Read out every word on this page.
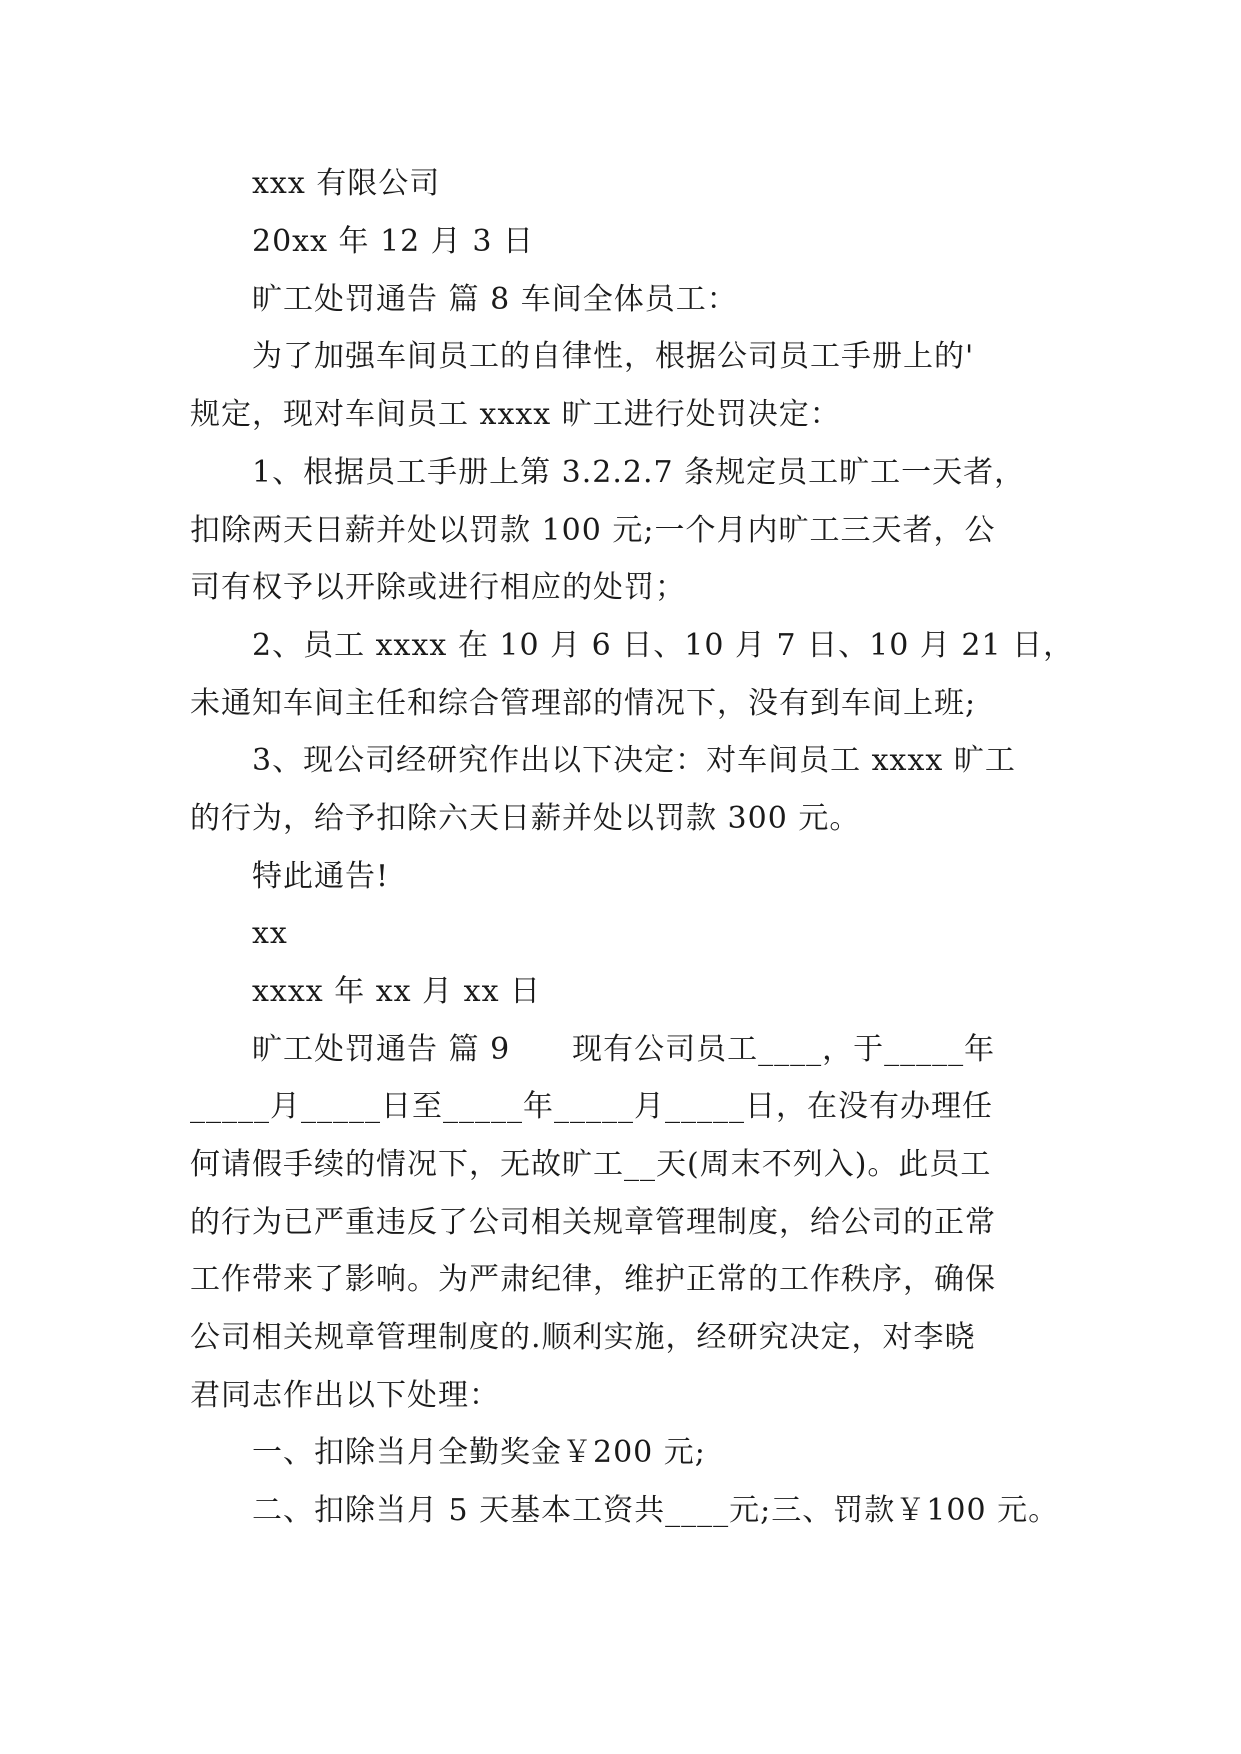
xxx 有限公司
20xx 年 12 月 3 日
旷工处罚通告 篇 8 车间全体员工：
为了加强车间员工的自律性，根据公司员工手册上的'
规定，现对车间员工 xxxx 旷工进行处罚决定：
1、根据员工手册上第 3.2.2.7 条规定员工旷工一天者，
扣除两天日薪并处以罚款 100 元;一个月内旷工三天者，公
司有权予以开除或进行相应的处罚；
2、员工 xxxx 在 10 月 6 日、10 月 7 日、10 月 21 日，
未通知车间主任和综合管理部的情况下，没有到车间上班;
3、现公司经研究作出以下决定：对车间员工 xxxx 旷工
的行为，给予扣除六天日薪并处以罚款 300 元。
特此通告!
xx
xxxx 年 xx 月 xx 日
旷工处罚通告 篇 9　　现有公司员工____，于_____年
_____月_____日至_____年_____月_____日，在没有办理任
何请假手续的情况下，无故旷工__天(周末不列入)。此员工
的行为已严重违反了公司相关规章管理制度，给公司的正常
工作带来了影响。为严肃纪律，维护正常的工作秩序，确保
公司相关规章管理制度的.顺利实施，经研究决定，对李晓
君同志作出以下处理：
一、扣除当月全勤奖金￥200 元;
二、扣除当月 5 天基本工资共____元;三、罚款￥100 元。
